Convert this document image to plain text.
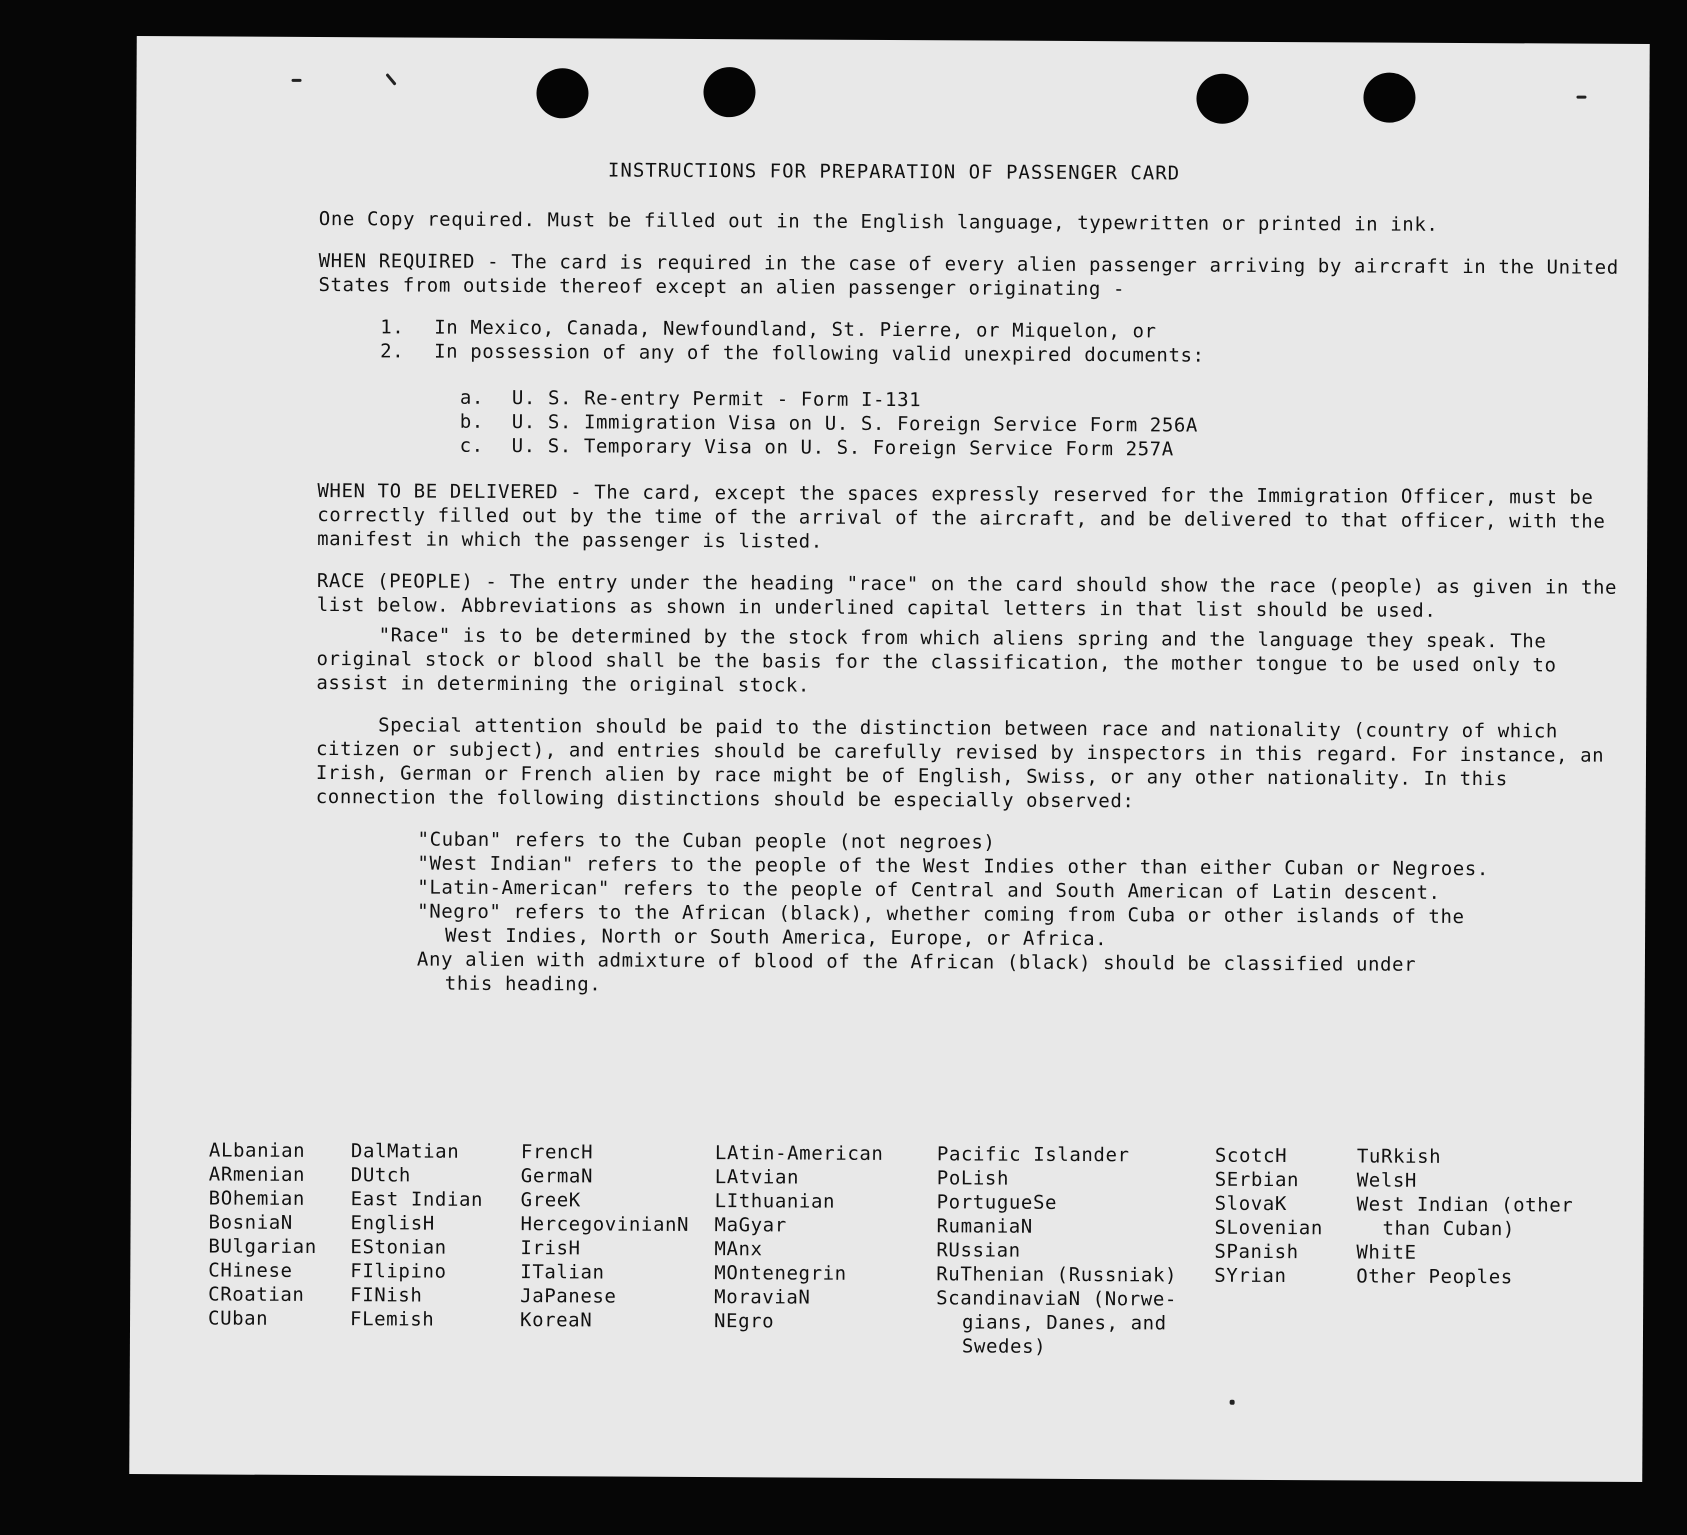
INSTRUCTIONS FOR PREPARATION OF PASSENGER CARD
One Copy required. Must be filled out in the English language, typewritten or printed in ink.
WHEN REQUIRED - The card is required in the case of every alien passenger arriving by aircraft in the United States from outside thereof except an alien passenger originating -
1.	In Mexico, Canada, Newfoundland, St. Pierre, or Miquelon, or
2.	In possession of any of the following valid unexpired documents:
a.	U. S. Re-entry Permit - Form I-131
b.	U. S. Immigration Visa on U. S. Foreign Service Form 256A
c.	U. S. Temporary Visa on U. S. Foreign Service Form 257A
WHEN TO BE DELIVERED - The card, except the spaces expressly reserved for the Immigration Officer, must be correctly filled out by the time of the arrival of the aircraft, and be delivered to that officer, with the manifest in which the passenger is listed.
RACE (PEOPLE) - The entry under the heading "race" on the card should show the race (people) as given in the list below. Abbreviations as shown in underlined capital letters in that list should be used.
"Race" is to be determined by the stock from which aliens spring and the language they speak. The original stock or blood shall be the basis for the classification, the mother tongue to be used only to assist in determining the original stock.
Special attention should be paid to the distinction between race and nationality (country of which citizen or subject), and entries should be carefully revised by inspectors in this regard. For instance, an Irish, German or French alien by race might be of English, Swiss, or any other nationality. In this connection the following distinctions should be especially observed:
"Cuban" refers to the Cuban people (not negroes)
"West Indian" refers to the people of the West Indies other than either Cuban or Negroes.
"Latin-American" refers to the people of Central and South American of Latin descent.
"Negro" refers to the African (black), whether coming from Cuba or other islands of the
West Indies, North or South America, Europe, or Africa.
Any alien with admixture of blood of the African (black) should be classified under
this heading.
ALbanian
ARmenian
BOhemian
BosniaN
BUlgarian
CHinese
CRoatian
CUban
DalMatian
DUtch
East Indian
EnglisH
EStonian
FIlipino
FINish
FLemish
FrencH
GermaN
GreeK
HercegovinianN
IrisH
ITalian
JaPanese
KoreaN
LAtin-American
LAtvian
LIthuanian
MaGyar
MAnx
MOntenegrin
MoraviaN
NEgro
Pacific Islander
PoLish
PortugueSe
RumaniaN
RUssian
RuThenian (Russniak)
ScandinaviaN (Norwe-
gians, Danes, and
Swedes)
ScotcH
SErbian
SlovaK
SLovenian
SPanish
SYrian
TuRkish
WelsH
West Indian (other
than Cuban)
WhitE
Other Peoples
